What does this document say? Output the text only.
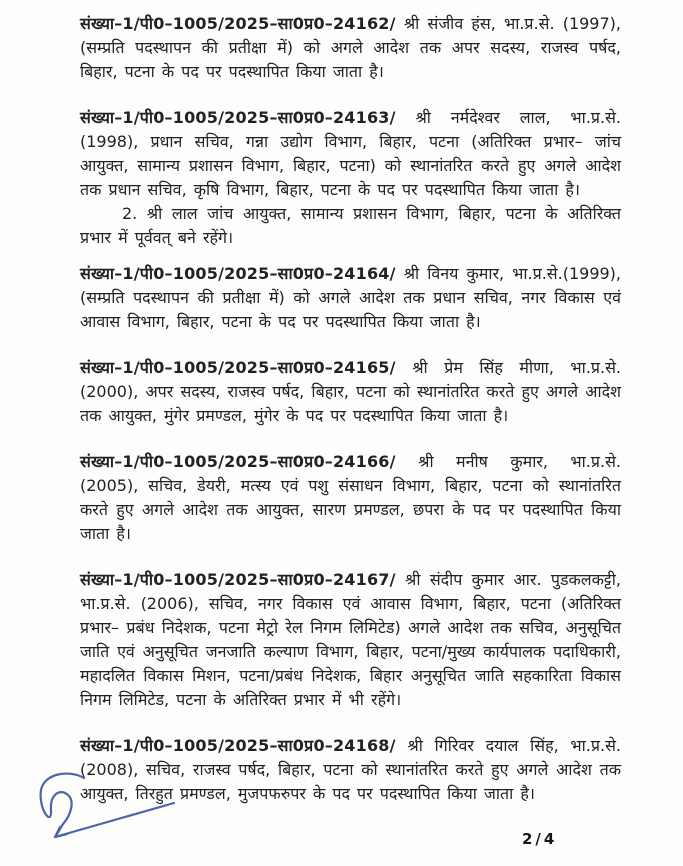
संख्या–1/पी0–1005/2025–सा0प्र0–24162/ श्री संजीव हंस, भा.प्र.से. (1997), (सम्प्रति पदस्थापन की प्रतीक्षा में) को अगले आदेश तक अपर सदस्य, राजस्व पर्षद, बिहार, पटना के पद पर पदस्थापित किया जाता है।

संख्या–1/पी0–1005/2025–सा0प्र0–24163/ श्री नर्मदेश्वर लाल, भा.प्र.से. (1998), प्रधान सचिव, गन्ना उद्योग विभाग, बिहार, पटना (अतिरिक्त प्रभार– जांच आयुक्त, सामान्य प्रशासन विभाग, बिहार, पटना) को स्थानांतरित करते हुए अगले आदेश तक प्रधान सचिव, कृषि विभाग, बिहार, पटना के पद पर पदस्थापित किया जाता है।

2. श्री लाल जांच आयुक्त, सामान्य प्रशासन विभाग, बिहार, पटना के अतिरिक्त प्रभार में पूर्ववत् बने रहेंगे।

संख्या–1/पी0–1005/2025–सा0प्र0–24164/ श्री विनय कुमार, भा.प्र.से.(1999), (सम्प्रति पदस्थापन की प्रतीक्षा में) को अगले आदेश तक प्रधान सचिव, नगर विकास एवं आवास विभाग, बिहार, पटना के पद पर पदस्थापित किया जाता है।

संख्या–1/पी0–1005/2025–सा0प्र0–24165/ श्री प्रेम सिंह मीणा, भा.प्र.से. (2000), अपर सदस्य, राजस्व पर्षद, बिहार, पटना को स्थानांतरित करते हुए अगले आदेश तक आयुक्त, मुंगेर प्रमण्डल, मुंगेर के पद पर पदस्थापित किया जाता है।

संख्या–1/पी0–1005/2025–सा0प्र0–24166/ श्री मनीष कुमार, भा.प्र.से. (2005), सचिव, डेयरी, मत्स्य एवं पशु संसाधन विभाग, बिहार, पटना को स्थानांतरित करते हुए अगले आदेश तक आयुक्त, सारण प्रमण्डल, छपरा के पद पर पदस्थापित किया जाता है।

संख्या–1/पी0–1005/2025–सा0प्र0–24167/ श्री संदीप कुमार आर. पुडकलकट्टी, भा.प्र.से. (2006), सचिव, नगर विकास एवं आवास विभाग, बिहार, पटना (अतिरिक्त प्रभार– प्रबंध निदेशक, पटना मेट्रो रेल निगम लिमिटेड) अगले आदेश तक सचिव, अनुसूचित जाति एवं अनुसूचित जनजाति कल्याण विभाग, बिहार, पटना/मुख्य कार्यपालक पदाधिकारी, महादलित विकास मिशन, पटना/प्रबंध निदेशक, बिहार अनुसूचित जाति सहकारिता विकास निगम लिमिटेड, पटना के अतिरिक्त प्रभार में भी रहेंगे।

संख्या–1/पी0–1005/2025–सा0प्र0–24168/ श्री गिरिवर दयाल सिंह, भा.प्र.से. (2008), सचिव, राजस्व पर्षद, बिहार, पटना को स्थानांतरित करते हुए अगले आदेश तक आयुक्त, तिरहुत प्रमण्डल, मुजपफरुपर के पद पर पदस्थापित किया जाता है।

2/4
